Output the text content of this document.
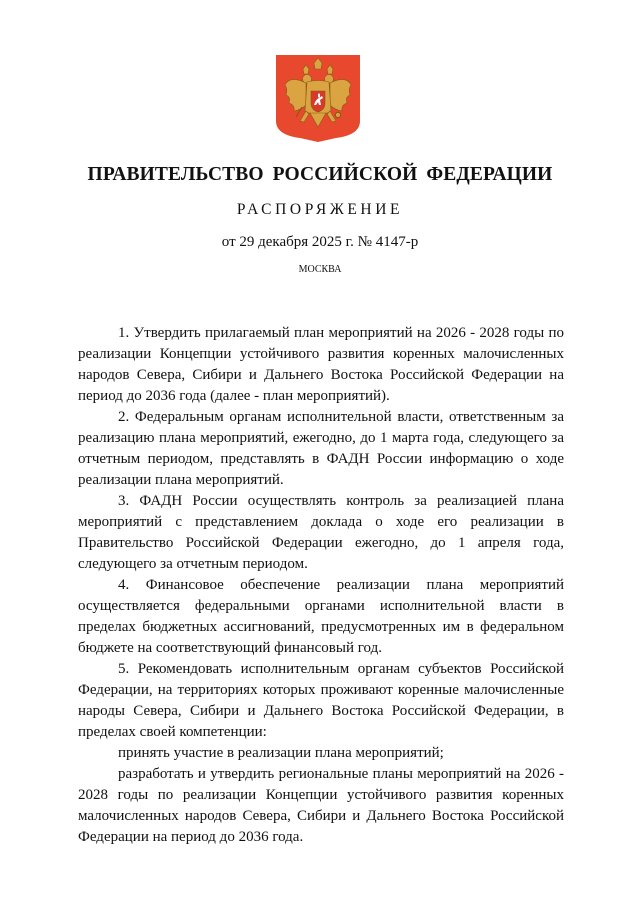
ПРАВИТЕЛЬСТВО РОССИЙСКОЙ ФЕДЕРАЦИИ
РАСПОРЯЖЕНИЕ
от 29 декабря 2025 г. № 4147-р
МОСКВА

1. Утвердить прилагаемый план мероприятий на 2026 - 2028 годы по реализации Концепции устойчивого развития коренных малочисленных народов Севера, Сибири и Дальнего Востока Российской Федерации на период до 2036 года (далее - план мероприятий).

2. Федеральным органам исполнительной власти, ответственным за реализацию плана мероприятий, ежегодно, до 1 марта года, следующего за отчетным периодом, представлять в ФАДН России информацию о ходе реализации плана мероприятий.

3. ФАДН России осуществлять контроль за реализацией плана мероприятий с представлением доклада о ходе его реализации в Правительство Российской Федерации ежегодно, до 1 апреля года, следующего за отчетным периодом.

4. Финансовое обеспечение реализации плана мероприятий осуществляется федеральными органами исполнительной власти в пределах бюджетных ассигнований, предусмотренных им в федеральном бюджете на соответствующий финансовый год.

5. Рекомендовать исполнительным органам субъектов Российской Федерации, на территориях которых проживают коренные малочисленные народы Севера, Сибири и Дальнего Востока Российской Федерации, в пределах своей компетенции:

принять участие в реализации плана мероприятий;

разработать и утвердить региональные планы мероприятий на 2026 - 2028 годы по реализации Концепции устойчивого развития коренных малочисленных народов Севера, Сибири и Дальнего Востока Российской Федерации на период до 2036 года.
